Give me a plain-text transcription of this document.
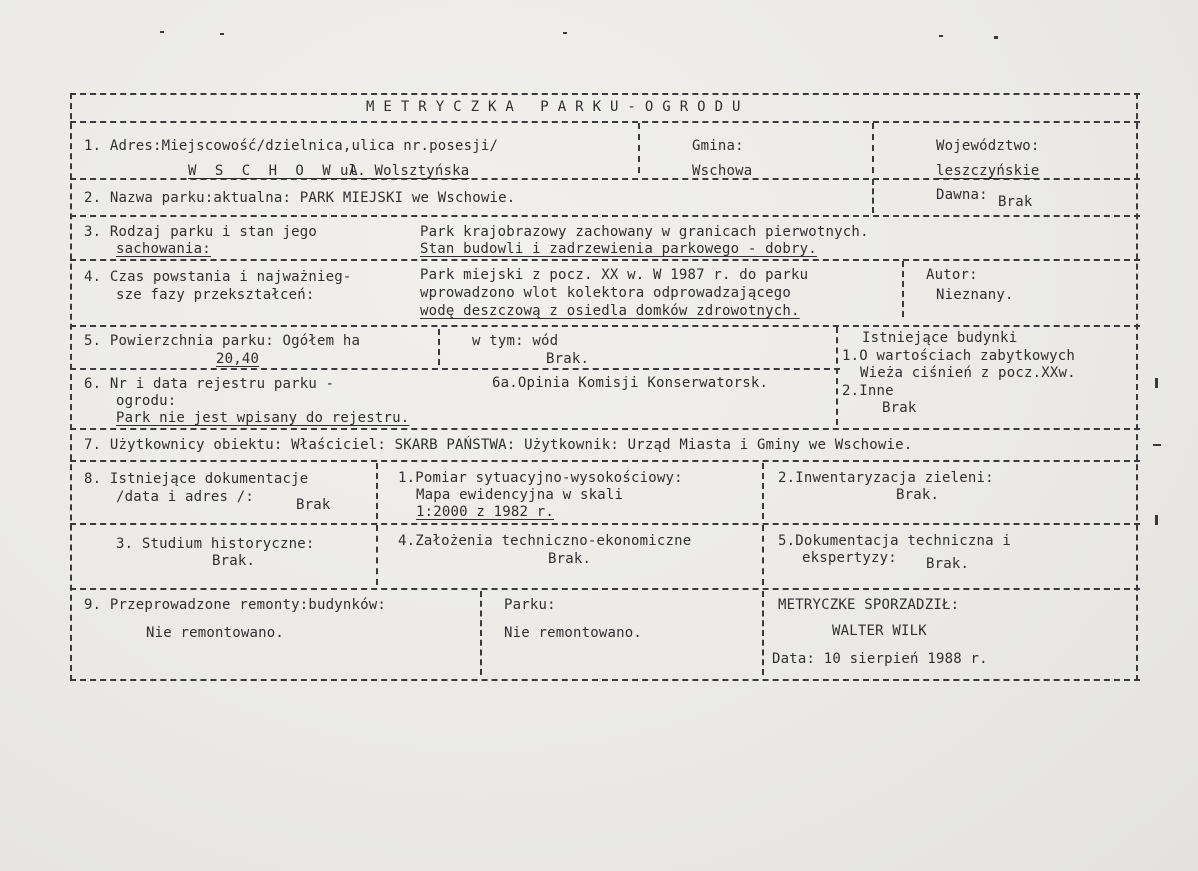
METRYCZKA PARKU-OGRODU
1. Adres:Miejscowość/dzielnica,ulica nr.posesji/
W S C H O W A
ul. Wolsztyńska
Gmina:
Wschowa
Województwo:
leszczyńskie
2. Nazwa parku:aktualna: PARK MIEJSKI we Wschowie.	Dawna: Brak
3. Rodzaj parku i stan jego
sachowania:
Park krajobrazowy zachowany w granicach pierwotnych.
Stan budowli i zadrzewienia parkowego - dobry.
4. Czas powstania i najważnieg-
sze fazy przekształceń:
Park miejski z pocz. XX w. W 1987 r. do parku
wprowadzono wlot kolektora odprowadzającego
wodę deszczową z osiedla domków zdrowotnych.
Autor:
Nieznany.
5. Powierzchnia parku: Ogółem ha
20,40
w tym: wód
Brak.
Istniejące budynki
1.O wartościach zabytkowych
Wieża ciśnień z pocz.XXw.
2.Inne
Brak
6. Nr i data rejestru parku -
ogrodu:
Park nie jest wpisany do rejestru.
6a.Opinia Komisji Konserwatorsk.
7. Użytkownicy obiektu: Właściciel: SKARB PAŃSTWA: Użytkownik: Urząd Miasta i Gminy we Wschowie.
8. Istniejące dokumentacje
/data i adres /:	Brak
1.Pomiar sytuacyjno-wysokościowy:
Mapa ewidencyjna w skali
1:2000 z 1982 r.
2.Inwentaryzacja zieleni:
Brak.
3. Studium historyczne:
Brak.
4.Założenia techniczno-ekonomiczne
Brak.
5.Dokumentacja techniczna i
ekspertyzy: Brak.
9. Przeprowadzone remonty:budynków:
Nie remontowano.
Parku:
Nie remontowano.
METRYCZKE SPORZADZIŁ:
WALTER WILK
Data: 10 sierpień 1988 r.
